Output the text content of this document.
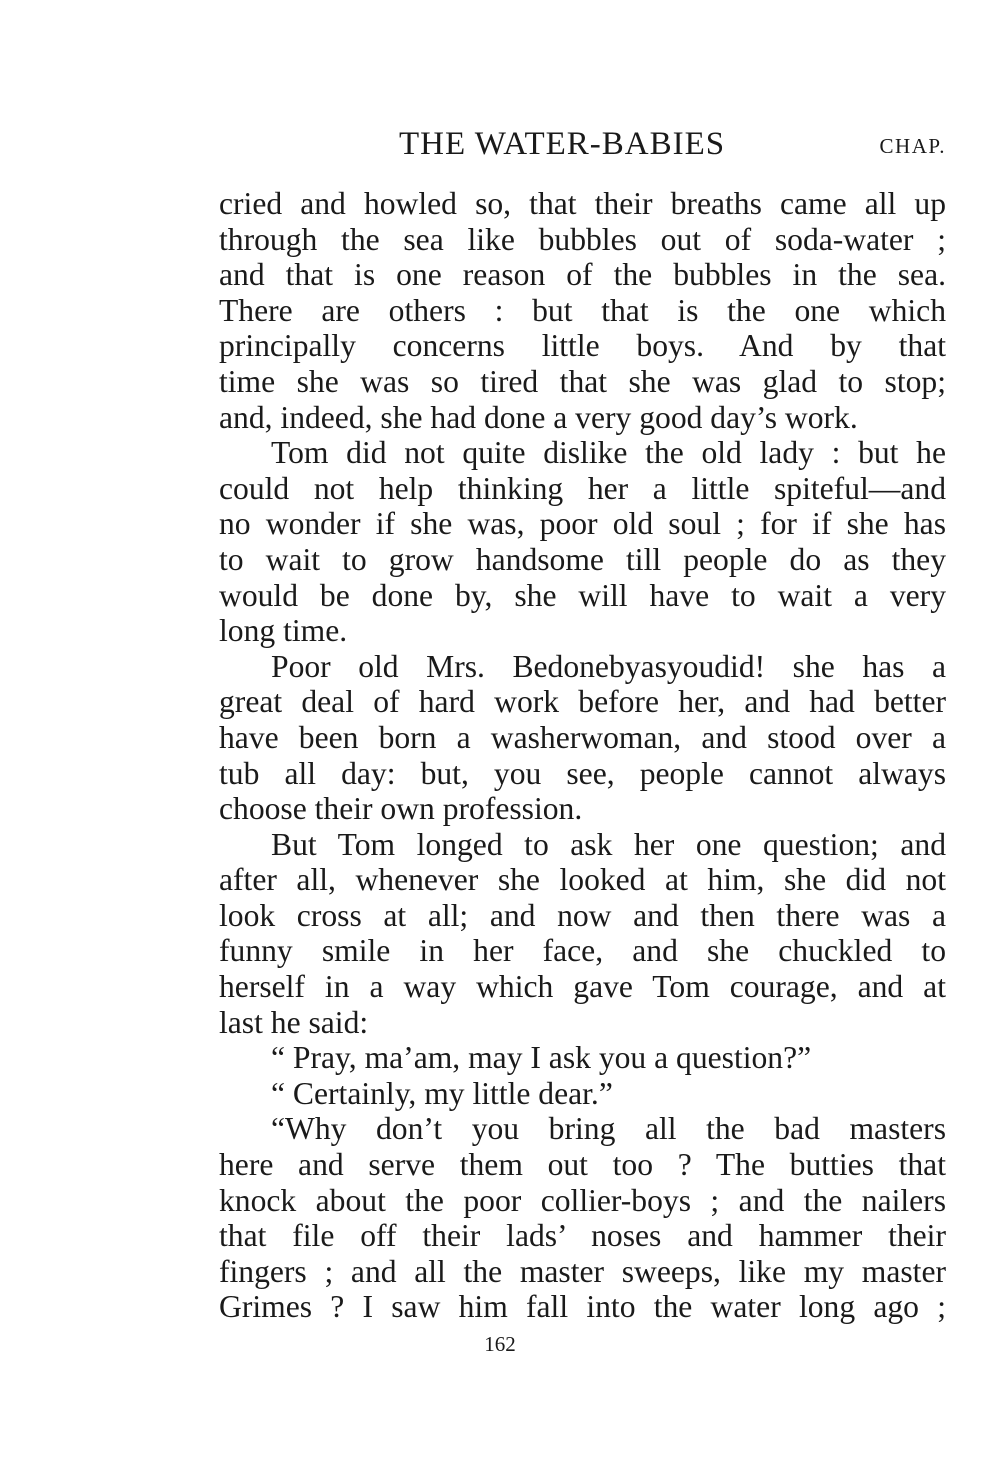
THE WATER-BABIES	CHAP.
cried and howled so, that their breaths came all up
through the sea like bubbles out of soda-water ;
and that is one reason of the bubbles in the sea.
There are others : but that is the one which
principally concerns little boys. And by that
time she was so tired that she was glad to stop;
and, indeed, she had done a very good day’s work.
Tom did not quite dislike the old lady : but he
could not help thinking her a little spiteful—and
no wonder if she was, poor old soul ; for if she has
to wait to grow handsome till people do as they
would be done by, she will have to wait a very
long time.
Poor old Mrs. Bedonebyasyoudid! she has a
great deal of hard work before her, and had better
have been born a washerwoman, and stood over a
tub all day: but, you see, people cannot always
choose their own profession.
But Tom longed to ask her one question; and
after all, whenever she looked at him, she did not
look cross at all; and now and then there was a
funny smile in her face, and she chuckled to
herself in a way which gave Tom courage, and at
last he said:
“ Pray, ma’am, may I ask you a question?”
“ Certainly, my little dear.”
“Why don’t you bring all the bad masters
here and serve them out too ? The butties that
knock about the poor collier-boys ; and the nailers
that file off their lads’ noses and hammer their
fingers ; and all the master sweeps, like my master
Grimes ? I saw him fall into the water long ago ;
162
